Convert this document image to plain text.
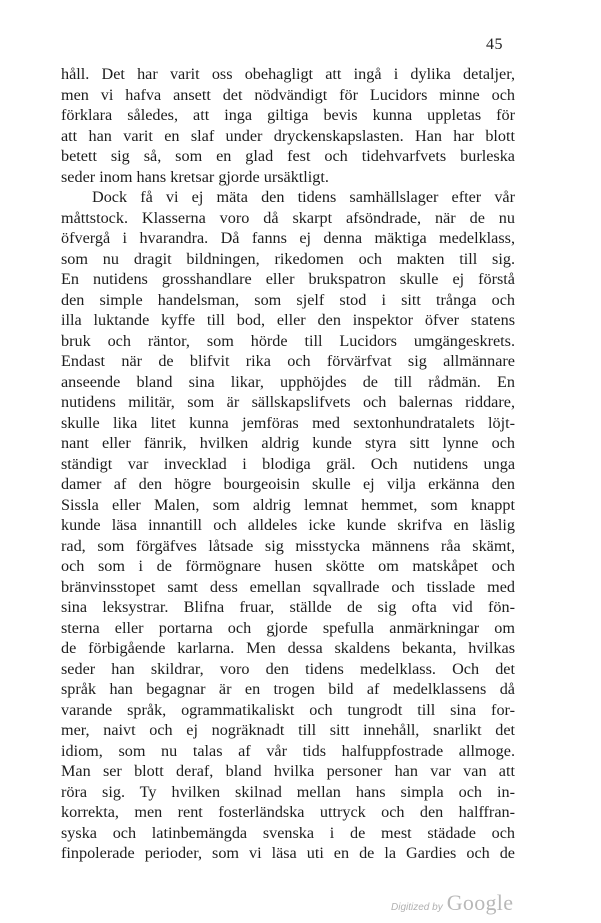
45
håll. Det har varit oss obehagligt att ingå i dylika detaljer,
men vi hafva ansett det nödvändigt för Lucidors minne och
förklara således, att inga giltiga bevis kunna uppletas för
att han varit en slaf under dryckenskapslasten. Han har blott
betett sig så, som en glad fest och tidehvarfvets burleska
seder inom hans kretsar gjorde ursäktligt.
Dock få vi ej mäta den tidens samhällslager efter vår
måttstock. Klasserna voro då skarpt afsöndrade, när de nu
öfvergå i hvarandra. Då fanns ej denna mäktiga medelklass,
som nu dragit bildningen, rikedomen och makten till sig.
En nutidens grosshandlare eller brukspatron skulle ej förstå
den simple handelsman, som sjelf stod i sitt trånga och
illa luktande kyffe till bod, eller den inspektor öfver statens
bruk och räntor, som hörde till Lucidors umgängeskrets.
Endast när de blifvit rika och förvärfvat sig allmännare
anseende bland sina likar, upphöjdes de till rådmän. En
nutidens militär, som är sällskapslifvets och balernas riddare,
skulle lika litet kunna jemföras med sextonhundratalets löjt-
nant eller fänrik, hvilken aldrig kunde styra sitt lynne och
ständigt var invecklad i blodiga gräl. Och nutidens unga
damer af den högre bourgeoisin skulle ej vilja erkänna den
Sissla eller Malen, som aldrig lemnat hemmet, som knappt
kunde läsa innantill och alldeles icke kunde skrifva en läslig
rad, som förgäfves låtsade sig misstycka männens råa skämt,
och som i de förmögnare husen skötte om matskåpet och
bränvinsstopet samt dess emellan sqvallrade och tisslade med
sina leksystrar. Blifna fruar, ställde de sig ofta vid fön-
sterna eller portarna och gjorde spefulla anmärkningar om
de förbigående karlarna. Men dessa skaldens bekanta, hvilkas
seder han skildrar, voro den tidens medelklass. Och det
språk han begagnar är en trogen bild af medelklassens då
varande språk, ogrammatikaliskt och tungrodt till sina for-
mer, naivt och ej nogräknadt till sitt innehåll, snarlikt det
idiom, som nu talas af vår tids halfuppfostrade allmoge.
Man ser blott deraf, bland hvilka personer han var van att
röra sig. Ty hvilken skilnad mellan hans simpla och in-
korrekta, men rent fosterländska uttryck och den halffran-
syska och latinbemängda svenska i de mest städade och
finpolerade perioder, som vi läsa uti en de la Gardies och de
Digitized by Google
